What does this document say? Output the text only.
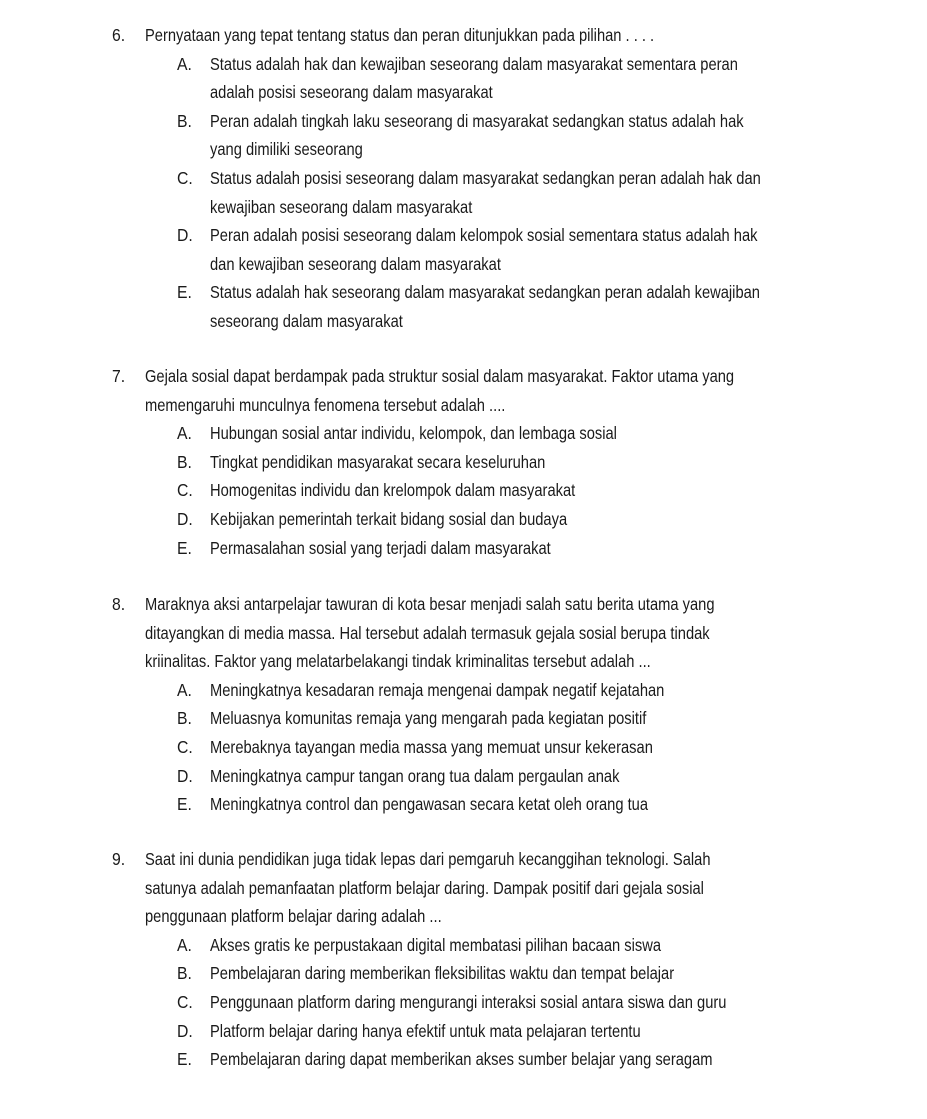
6. Pernyataan yang tepat tentang status dan peran ditunjukkan pada pilihan . . . .
A. Status adalah hak dan kewajiban seseorang dalam masyarakat sementara peran
adalah posisi seseorang dalam masyarakat
B. Peran adalah tingkah laku seseorang di masyarakat sedangkan status adalah hak
yang dimiliki seseorang
C. Status adalah posisi seseorang dalam masyarakat sedangkan peran adalah hak dan
kewajiban seseorang dalam masyarakat
D. Peran adalah posisi seseorang dalam kelompok sosial sementara status adalah hak
dan kewajiban seseorang dalam masyarakat
E. Status adalah hak seseorang dalam masyarakat sedangkan peran adalah kewajiban
seseorang dalam masyarakat
7. Gejala sosial dapat berdampak pada struktur sosial dalam masyarakat. Faktor utama yang
memengaruhi munculnya fenomena tersebut adalah ....
A. Hubungan sosial antar individu, kelompok, dan lembaga sosial
B. Tingkat pendidikan masyarakat secara keseluruhan
C. Homogenitas individu dan krelompok dalam masyarakat
D. Kebijakan pemerintah terkait bidang sosial dan budaya
E. Permasalahan sosial yang terjadi dalam masyarakat
8. Maraknya aksi antarpelajar tawuran di kota besar menjadi salah satu berita utama yang
ditayangkan di media massa. Hal tersebut adalah termasuk gejala sosial berupa tindak
kriinalitas. Faktor yang melatarbelakangi tindak kriminalitas tersebut adalah ...
A. Meningkatnya kesadaran remaja mengenai dampak negatif kejatahan
B. Meluasnya komunitas remaja yang mengarah pada kegiatan positif
C. Merebaknya tayangan media massa yang memuat unsur kekerasan
D. Meningkatnya campur tangan orang tua dalam pergaulan anak
E. Meningkatnya control dan pengawasan secara ketat oleh orang tua
9. Saat ini dunia pendidikan juga tidak lepas dari pemgaruh kecanggihan teknologi. Salah
satunya adalah pemanfaatan platform belajar daring. Dampak positif dari gejala sosial
penggunaan platform belajar daring adalah ...
A. Akses gratis ke perpustakaan digital membatasi pilihan bacaan siswa
B. Pembelajaran daring memberikan fleksibilitas waktu dan tempat belajar
C. Penggunaan platform daring mengurangi interaksi sosial antara siswa dan guru
D. Platform belajar daring hanya efektif untuk mata pelajaran tertentu
E. Pembelajaran daring dapat memberikan akses sumber belajar yang seragam
